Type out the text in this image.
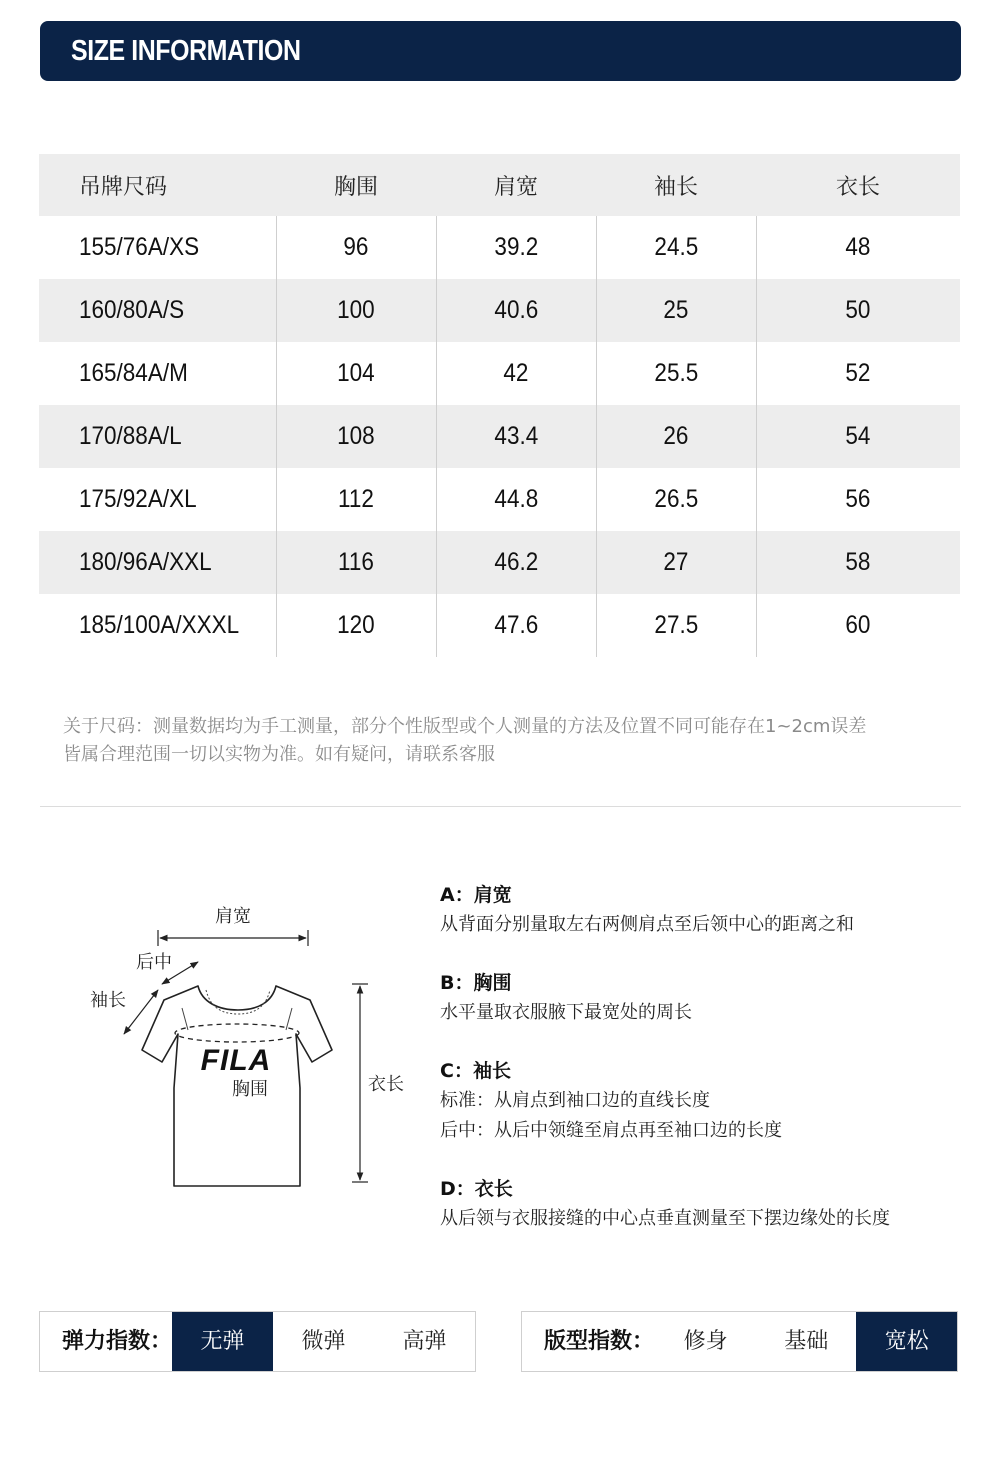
SIZE INFORMATION
吊牌尺码	胸围	肩宽	袖长	衣长
155/76A/XS	96	39.2	24.5	48
160/80A/S	100	40.6	25	50
165/84A/M	104	42	25.5	52
170/88A/L	108	43.4	26	54
175/92A/XL	112	44.8	26.5	56
180/96A/XXL	116	46.2	27	58
185/100A/XXXL	120	47.6	27.5	60
关于尺码：测量数据均为手工测量，部分个性版型或个人测量的方法及位置不同可能存在1~2cm误差
皆属合理范围一切以实物为准。如有疑问，请联系客服
肩宽
后中
袖长
胸围	衣长
FILA
A：肩宽
从背面分别量取左右两侧肩点至后领中心的距离之和
B：胸围
水平量取衣服腋下最宽处的周长
C：袖长
标准：从肩点到袖口边的直线长度
后中：从后中领缝至肩点再至袖口边的长度
D：衣长
从后领与衣服接缝的中心点垂直测量至下摆边缘处的长度
弹力指数：	无弹	微弹	高弹	版型指数：	修身	基础	宽松
